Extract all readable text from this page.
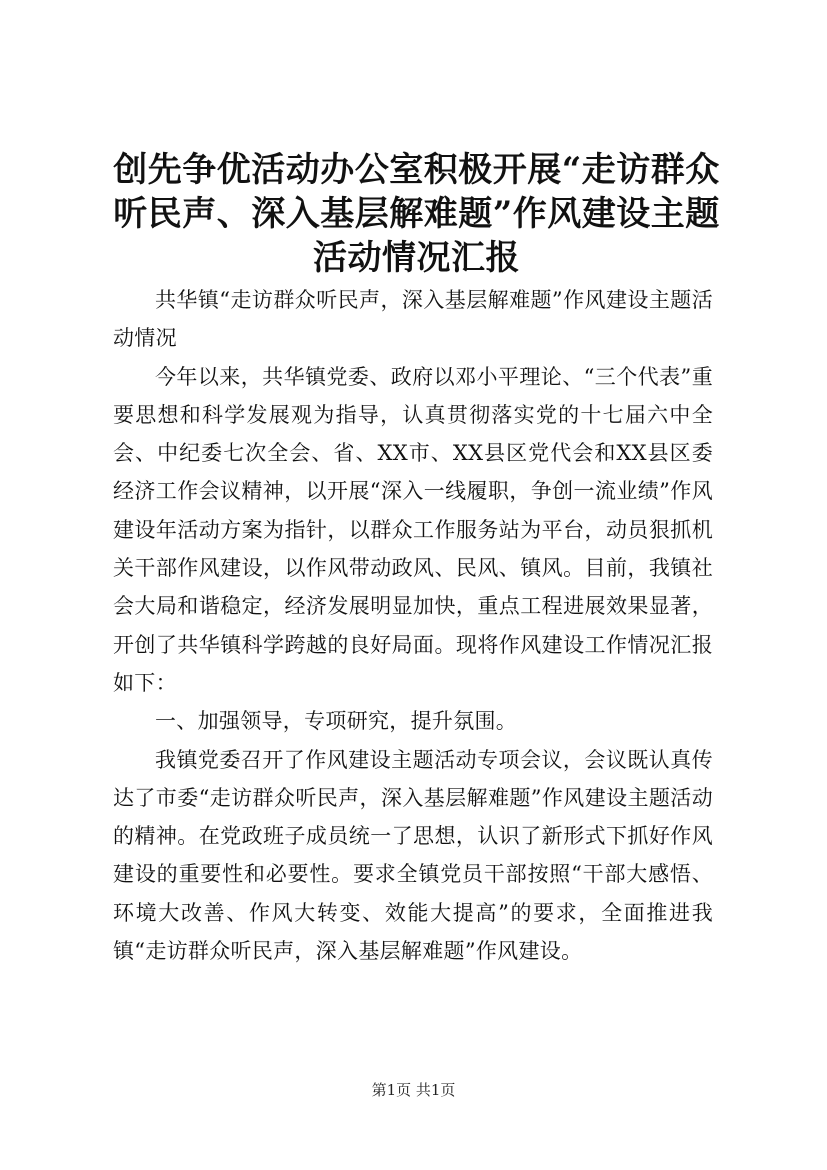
创先争优活动办公室积极开展“走访群众听民声、深入基层解难题”作风建设主题活动情况汇报

共华镇“走访群众听民声，深入基层解难题”作风建设主题活动情况

今年以来，共华镇党委、政府以邓小平理论、“三个代表”重要思想和科学发展观为指导，认真贯彻落实党的十七届六中全会、中纪委七次全会、省、XX市、XX县区党代会和XX县区委经济工作会议精神，以开展“深入一线履职，争创一流业绩”作风建设年活动方案为指针，以群众工作服务站为平台，动员狠抓机关干部作风建设，以作风带动政风、民风、镇风。目前，我镇社会大局和谐稳定，经济发展明显加快，重点工程进展效果显著，开创了共华镇科学跨越的良好局面。现将作风建设工作情况汇报如下：

一、加强领导，专项研究，提升氛围。

我镇党委召开了作风建设主题活动专项会议，会议既认真传达了市委“走访群众听民声，深入基层解难题”作风建设主题活动的精神。在党政班子成员统一了思想，认识了新形式下抓好作风建设的重要性和必要性。要求全镇党员干部按照“干部大感悟、环境大改善、作风大转变、效能大提高”的要求，全面推进我镇“走访群众听民声，深入基层解难题”作风建设。

第1页 共1页
